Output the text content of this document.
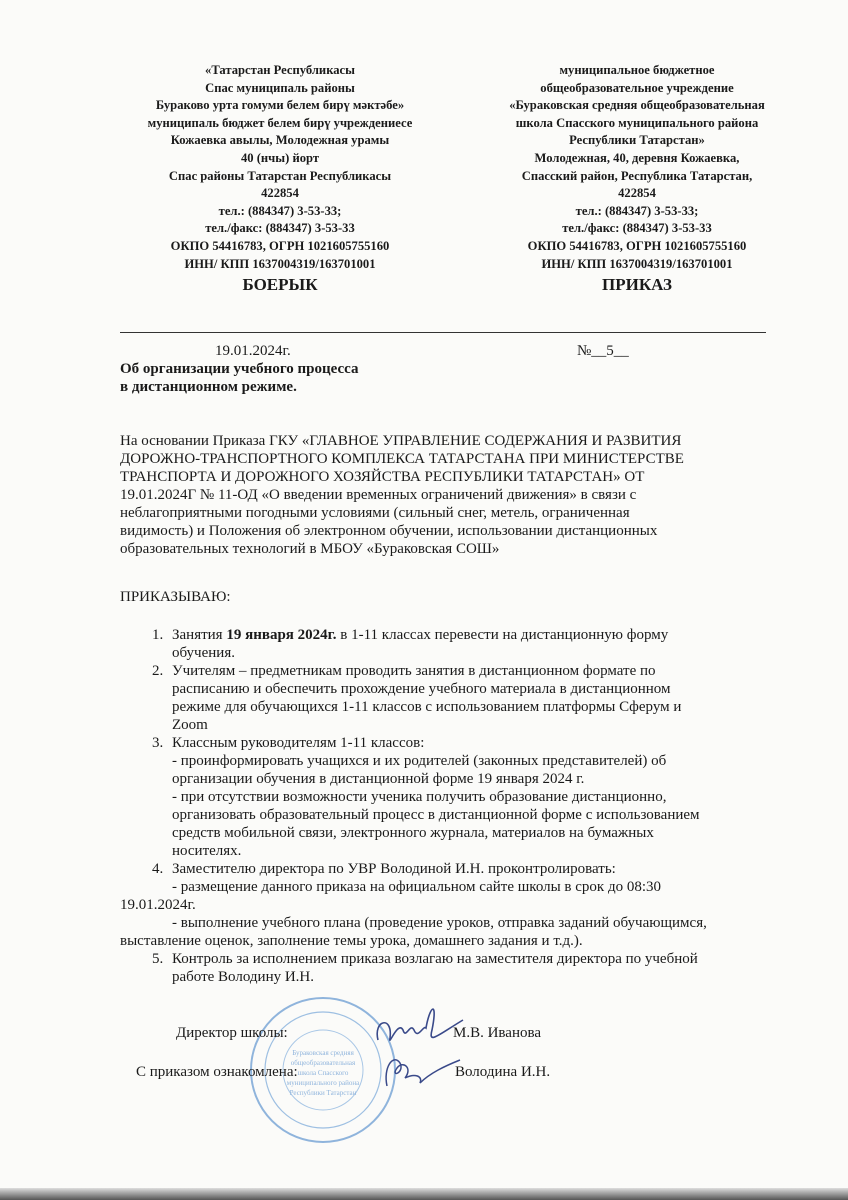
«Татарстан Республикасы
Спас муниципаль районы
Бураково урта гомуми белем бирү мәктәбе»
муниципаль бюджет белем бирү учреждениесе
Кожаевка авылы, Молодежная урамы
40 (нчы) йорт
Спас районы Татарстан Республикасы
422854
тел.: (884347) 3-53-33;
тел./факс: (884347) 3-53-33
ОКПО 54416783, ОГРН 1021605755160
ИНН/ КПП 1637004319/163701001
БОЕРЫК
муниципальное бюджетное
общеобразовательное учреждение
«Бураковская средняя общеобразовательная
школа Спасского муниципального района
Республики Татарстан»
Молодежная, 40, деревня Кожаевка,
Спасский район, Республика Татарстан,
422854
тел.: (884347) 3-53-33;
тел./факс: (884347) 3-53-33
ОКПО 54416783, ОГРН 1021605755160
ИНН/ КПП 1637004319/163701001
ПРИКАЗ
19.01.2024г.	№__5__
Об организации учебного процесса
в дистанционном режиме.
На основании Приказа ГКУ «ГЛАВНОЕ УПРАВЛЕНИЕ СОДЕРЖАНИЯ И РАЗВИТИЯ
ДОРОЖНО-ТРАНСПОРТНОГО КОМПЛЕКСА ТАТАРСТАНА ПРИ МИНИСТЕРСТВЕ
ТРАНСПОРТА И ДОРОЖНОГО ХОЗЯЙСТВА РЕСПУБЛИКИ ТАТАРСТАН» ОТ
19.01.2024Г № 11-ОД «О введении временных ограничений движения» в связи с
неблагоприятными погодными условиями (сильный снег, метель, ограниченная
видимость) и Положения об электронном обучении, использовании дистанционных
образовательных технологий в МБОУ «Бураковская СОШ»
ПРИКАЗЫВАЮ:
1. Занятия 19 января 2024г. в 1-11 классах перевести на дистанционную форму
обучения.
2. Учителям – предметникам проводить занятия в дистанционном формате по
расписанию и обеспечить прохождение учебного материала в дистанционном
режиме для обучающихся 1-11 классов с использованием платформы Сферум и
Zoom
3. Классным руководителям 1-11 классов:
- проинформировать учащихся и их родителей (законных представителей) об
организации обучения в дистанционной форме 19 января 2024 г.
- при отсутствии возможности ученика получить образование дистанционно,
организовать образовательный процесс в дистанционной форме с использованием
средств мобильной связи, электронного журнала, материалов на бумажных
носителях.
4. Заместителю директора по УВР Володиной И.Н. проконтролировать:
- размещение данного приказа на официальном сайте школы в срок до 08:30
19.01.2024г.
- выполнение учебного плана (проведение уроков, отправка заданий обучающимся,
выставление оценок, заполнение темы урока, домашнего задания и т.д.).
5. Контроль за исполнением приказа возлагаю на заместителя директора по учебной
работе Володину И.Н.
Бураковская средняя
общеобразовательная
школа Спасского
муниципального района
Республики Татарстан
Директор школы:	М.В. Иванова
С приказом ознакомлена:	Володина И.Н.
